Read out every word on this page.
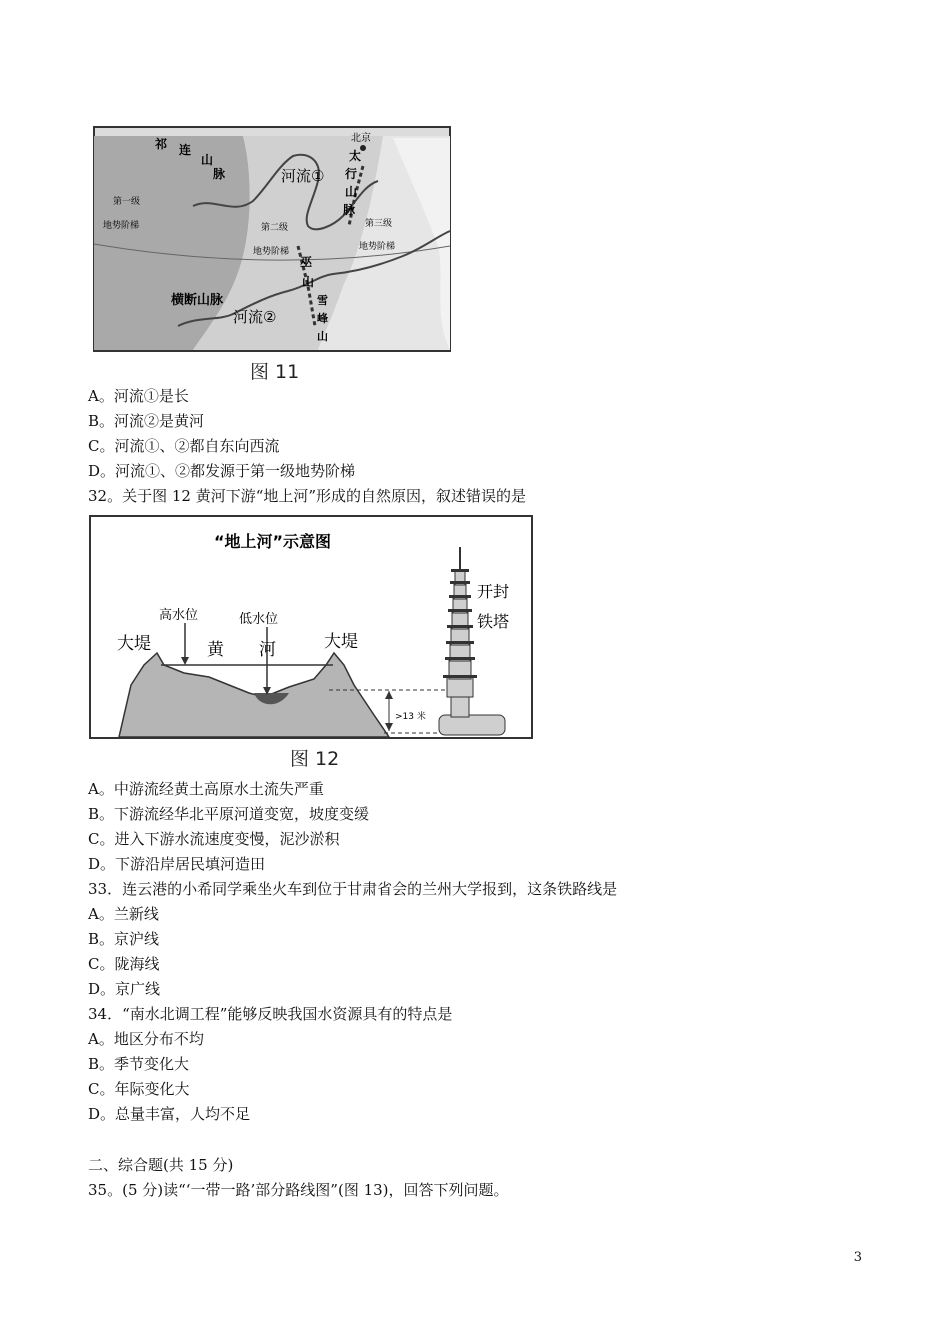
祁 连
山
脉
北京
太
行
山
脉
河流①
第一级
地势阶梯	第二级
地势阶梯
第三级
地势阶梯
巫
山
横断山脉
河流②
雪
峰
山
图 11
A。河流①是长
B。河流②是黄河
C。河流①、②都自东向西流
D。河流①、②都发源于第一级地势阶梯
32。关于图 12 黄河下游“地上河”形成的自然原因，叙述错误的是
“地上河”示意图
高水位	低水位
大堤	大堤
黄 河
开封
铁塔
>13 米
图 12
A。中游流经黄土高原水土流失严重
B。下游流经华北平原河道变宽，坡度变缓
C。进入下游水流速度变慢，泥沙淤积
D。下游沿岸居民填河造田
33．连云港的小希同学乘坐火车到位于甘肃省会的兰州大学报到，这条铁路线是
A。兰新线
B。京沪线
C。陇海线
D。京广线
34．“南水北调工程”能够反映我国水资源具有的特点是
A。地区分布不均
B。季节变化大
C。年际变化大
D。总量丰富，人均不足
二、综合题(共 15 分)
35。(5 分)读“‘一带一路’部分路线图”(图 13)，回答下列问题。
3
